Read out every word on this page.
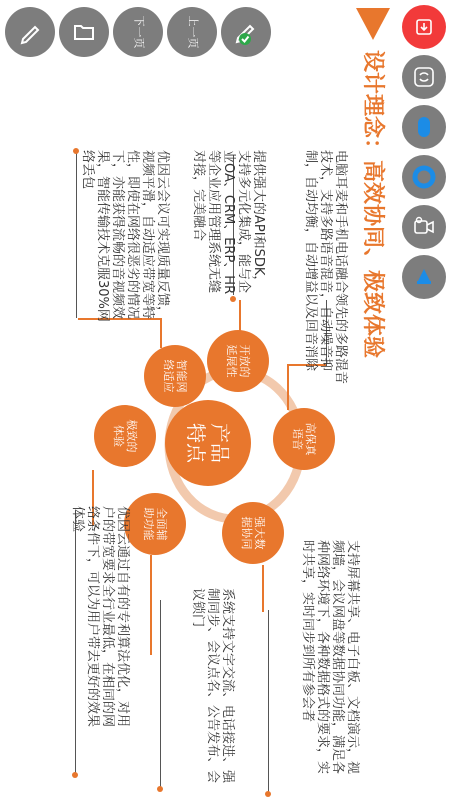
下一页	上一页
设计理念：高效协同、极致体验
产品
特点	高保真
语音
强大数
据协同
全面辅
助功能
极致的
体验
智能网
络适应	开放的
延展性	电脑耳麦和手机电话融合领先的多路混音技术，支持多路语音混音，自动噪音抑制，自动均衡，自动增益以及回音消除
提供强大的API和SDK，支持多元化集成，能与企业OA、CRM、ERP、HR等企业应用管理系统无缝对接，完美融合
优因云会议可实现质量反馈，视频平滑，自动适应带宽等特性，即使在网络很恶劣的情况下，亦能获得流畅的音视频效果，智能传输技术克服30%网络丢包
支持屏幕共享、电子白板、文档演示，视频墙，会议网盘等数据协同功能，满足各种网络环境下，各种数据格式的要求，实时共享，实时同步到所有参会者
系统支持文字交流、电话接进、强制同步、会议点名、公告发布、会议锁门
优因云通过自有的专利算法优化，对用户的带宽要求全行业最低，在相同的网络条件下，可以为用户带去更好的效果体验
